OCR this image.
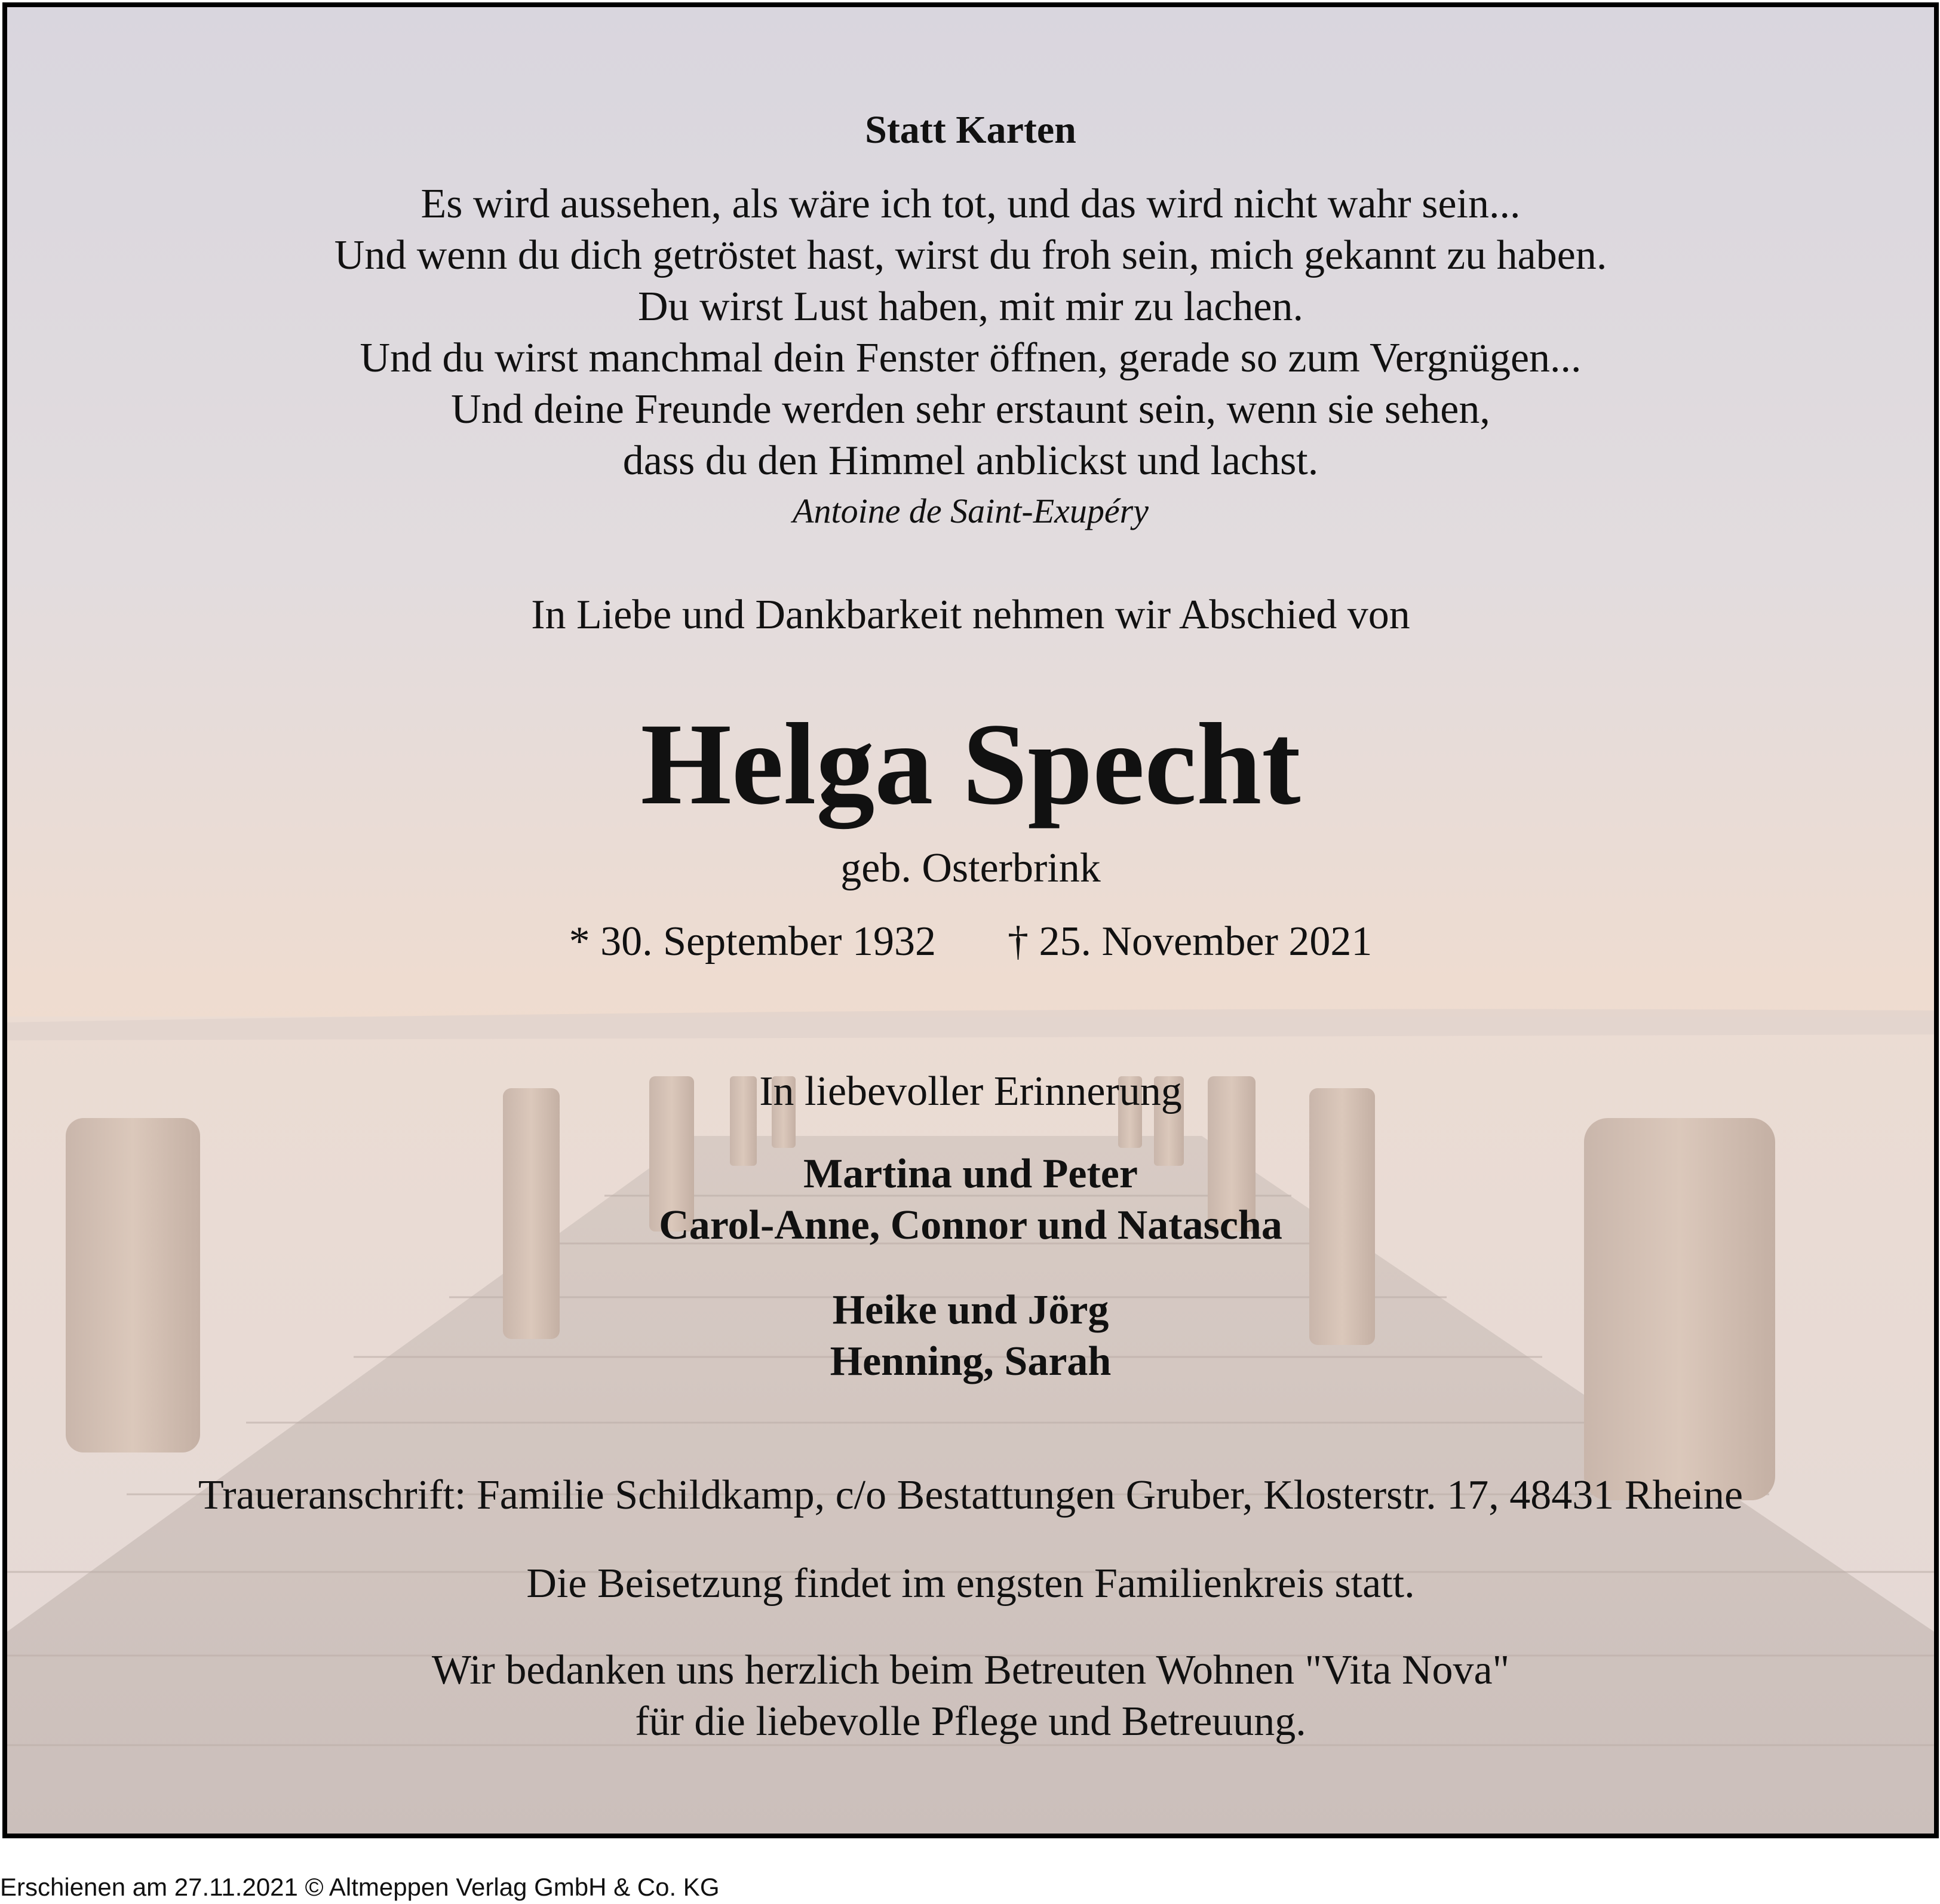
Statt Karten
Es wird aussehen, als wäre ich tot, und das wird nicht wahr sein...
Und wenn du dich getröstet hast, wirst du froh sein, mich gekannt zu haben.
Du wirst Lust haben, mit mir zu lachen.
Und du wirst manchmal dein Fenster öffnen, gerade so zum Vergnügen...
Und deine Freunde werden sehr erstaunt sein, wenn sie sehen,
dass du den Himmel anblickst und lachst.
Antoine de Saint-Exupéry
In Liebe und Dankbarkeit nehmen wir Abschied von
Helga Specht
geb. Osterbrink
* 30. September 1932 † 25. November 2021
In liebevoller Erinnerung
Martina und Peter
Carol-Anne, Connor und Natascha
Heike und Jörg
Henning, Sarah
Traueranschrift: Familie Schildkamp, c/o Bestattungen Gruber, Klosterstr. 17, 48431 Rheine
Die Beisetzung findet im engsten Familienkreis statt.
Wir bedanken uns herzlich beim Betreuten Wohnen "Vita Nova"
für die liebevolle Pflege und Betreuung.
Erschienen am 27.11.2021 © Altmeppen Verlag GmbH & Co. KG
